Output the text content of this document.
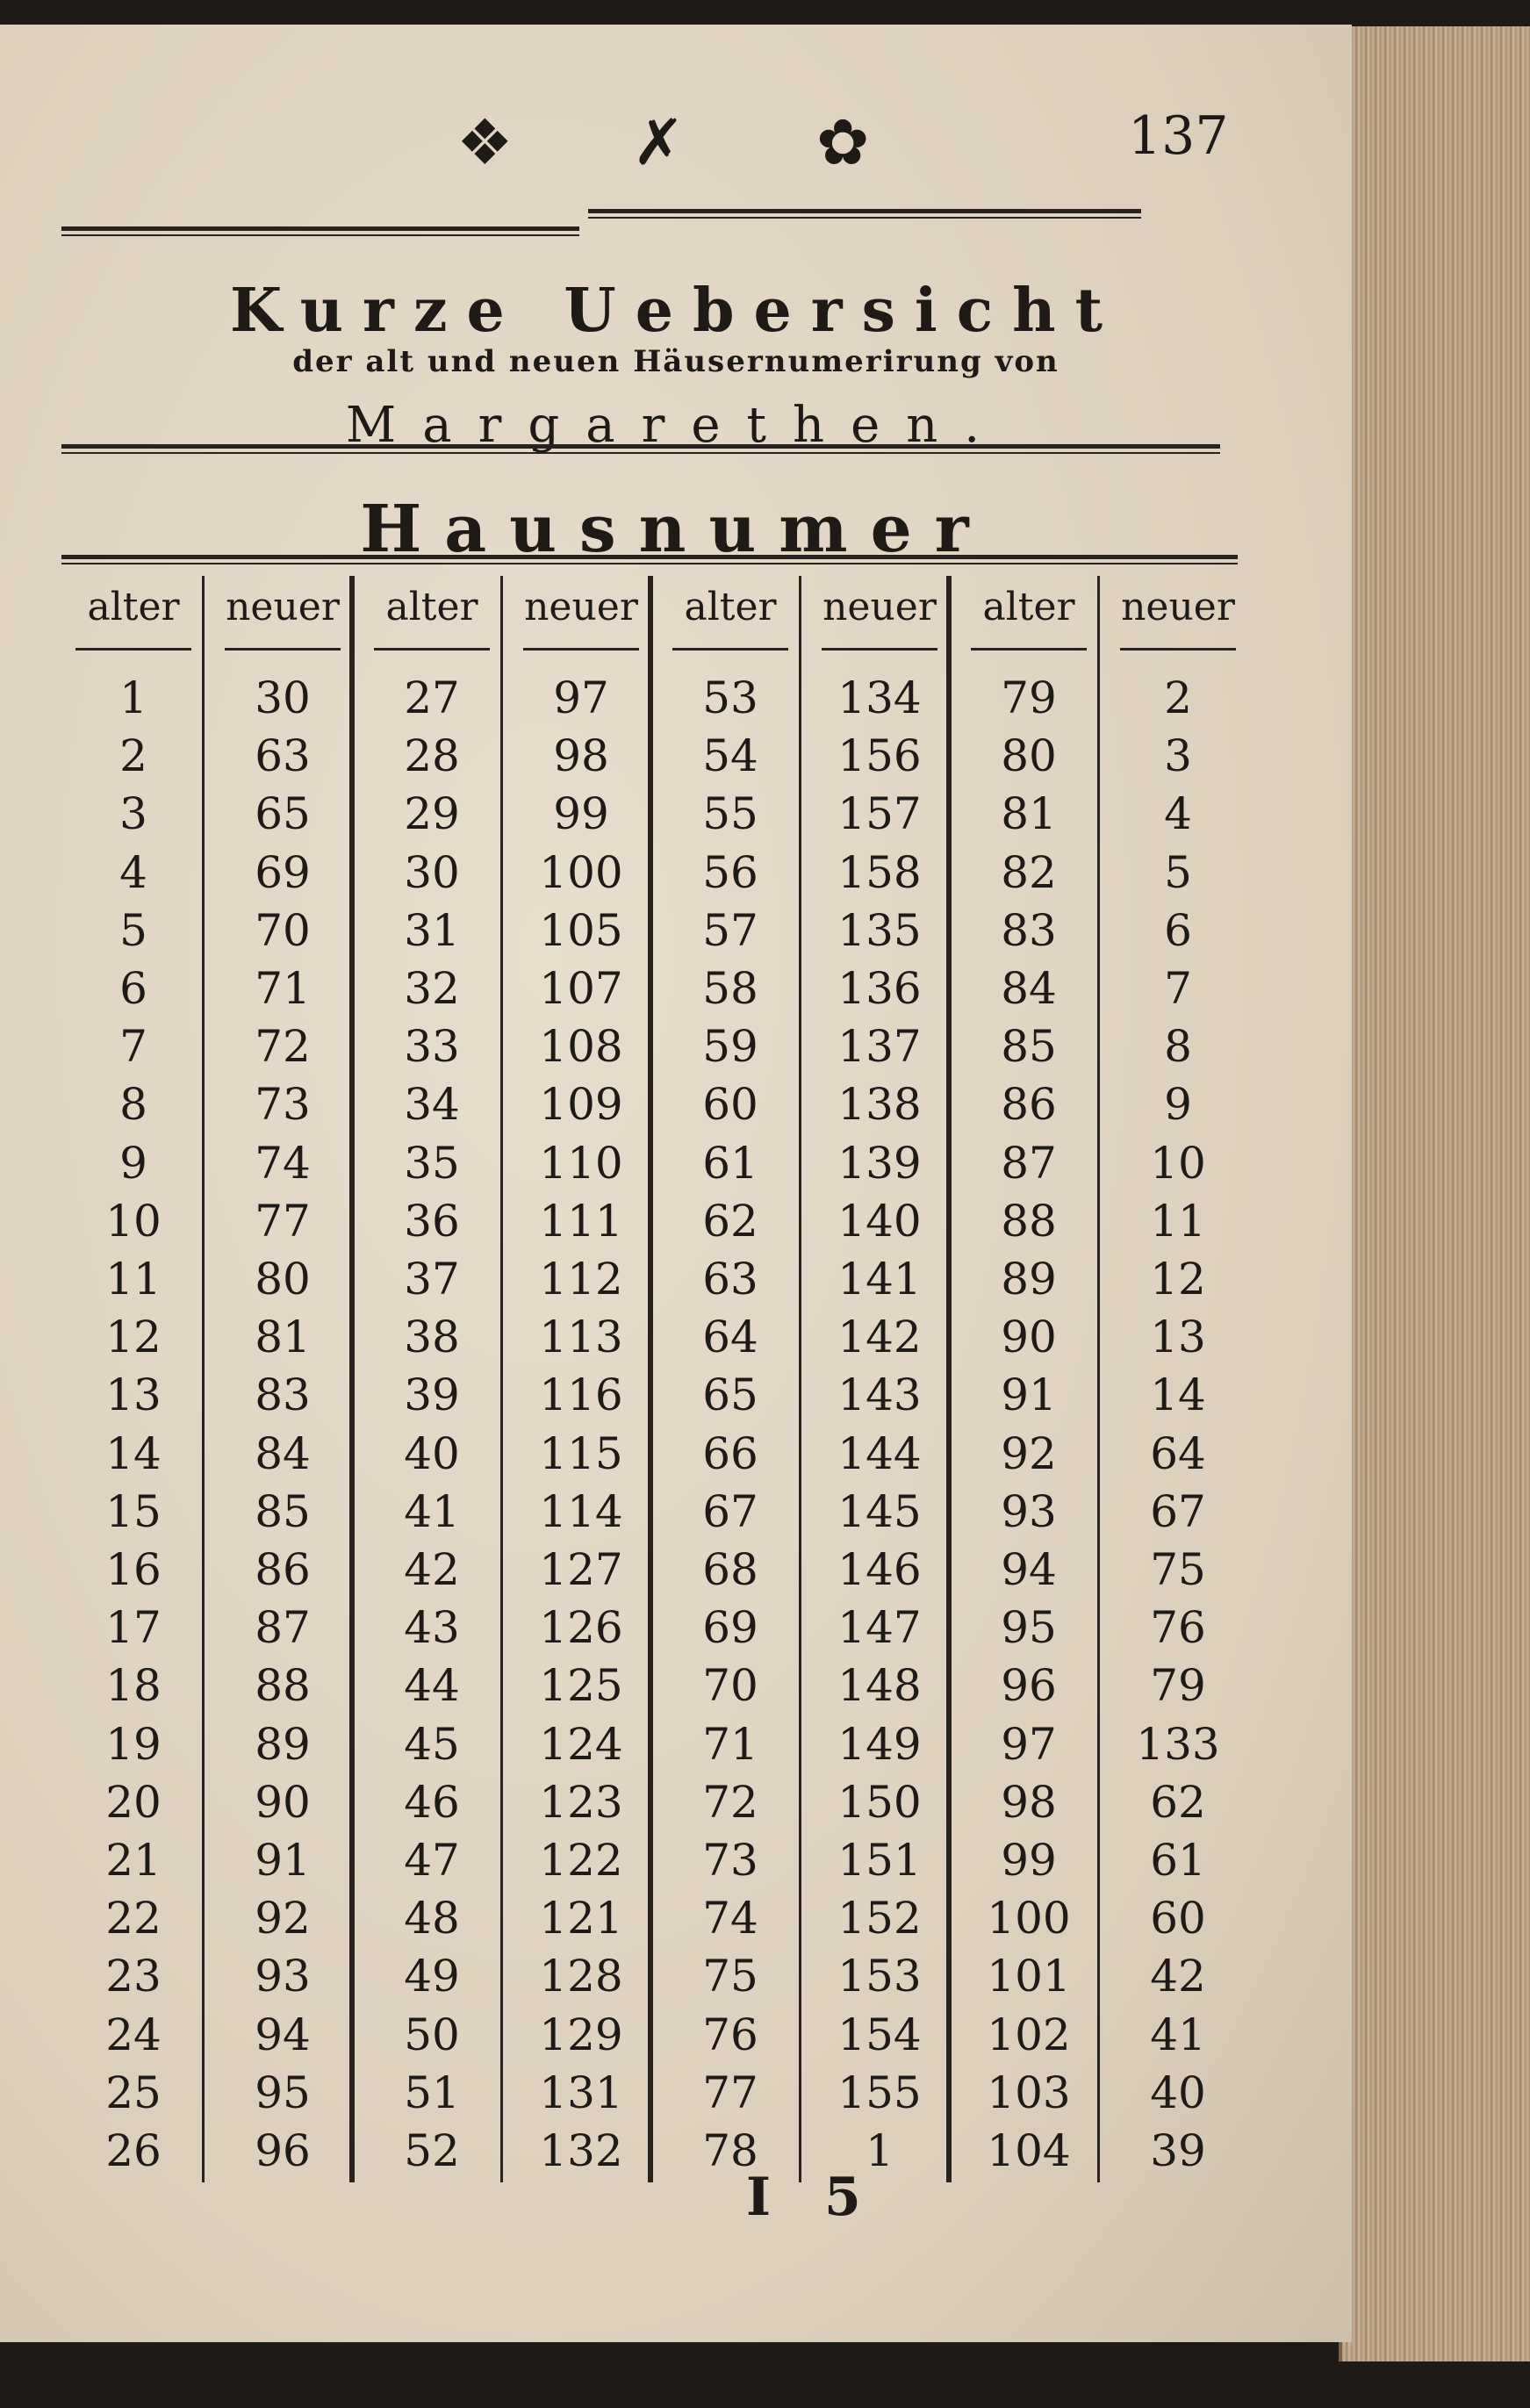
❖ ✗ ✿	137
Kurze Uebersicht
der alt und neuen Häusernumerirung von
Margarethen.
Hausnumer
alter
1
2
3
4
5
6
7
8
9
10
11
12
13
14
15
16
17
18
19
20
21
22
23
24
25
26
neuer
30
63
65
69
70
71
72
73
74
77
80
81
83
84
85
86
87
88
89
90
91
92
93
94
95
96
alter
27
28
29
30
31
32
33
34
35
36
37
38
39
40
41
42
43
44
45
46
47
48
49
50
51
52
neuer
97
98
99
100
105
107
108
109
110
111
112
113
116
115
114
127
126
125
124
123
122
121
128
129
131
132
alter
53
54
55
56
57
58
59
60
61
62
63
64
65
66
67
68
69
70
71
72
73
74
75
76
77
78
neuer
134
156
157
158
135
136
137
138
139
140
141
142
143
144
145
146
147
148
149
150
151
152
153
154
155
1
alter
79
80
81
82
83
84
85
86
87
88
89
90
91
92
93
94
95
96
97
98
99
100
101
102
103
104
neuer
2
3
4
5
6
7
8
9
10
11
12
13
14
64
67
75
76
79
133
62
61
60
42
41
40
39
I 5
